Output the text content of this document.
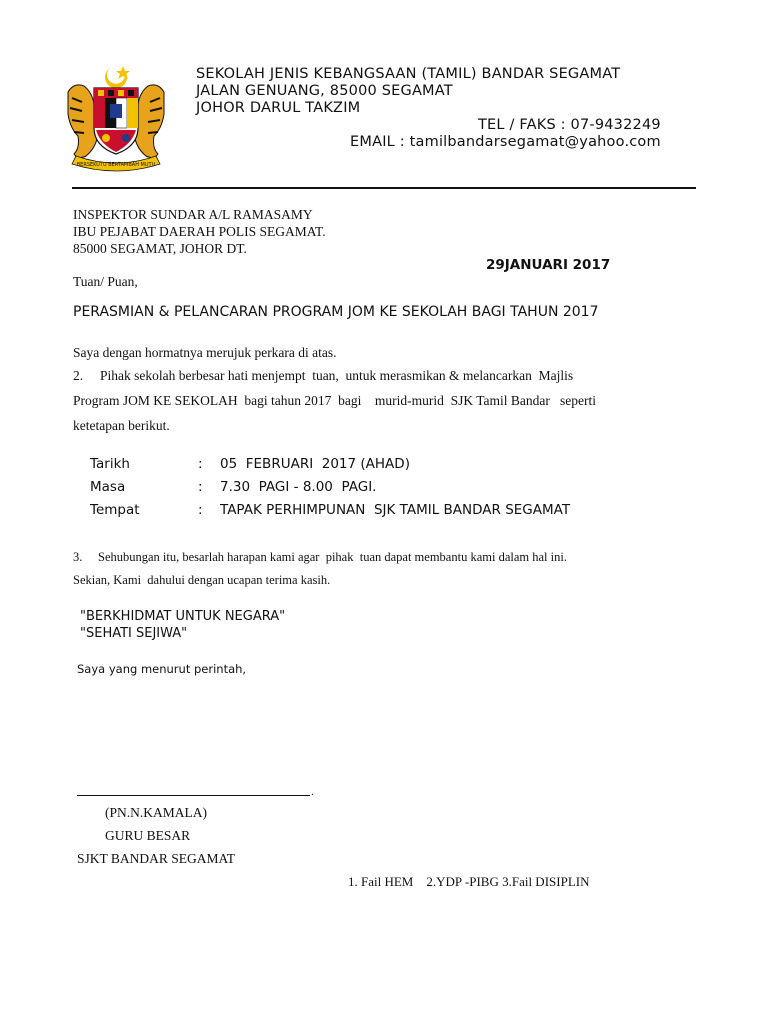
BERSEKUTU BERTAMBAH MUTU
SEKOLAH JENIS KEBANGSAAN (TAMIL) BANDAR SEGAMAT
JALAN GENUANG, 85000 SEGAMAT
JOHOR DARUL TAKZIM
TEL / FAKS : 07-9432249
EMAIL : tamilbandarsegamat@yahoo.com
INSPEKTOR SUNDAR A/L RAMASAMY
IBU PEJABAT DAERAH POLIS SEGAMAT.
85000 SEGAMAT, JOHOR DT.
29JANUARI 2017
Tuan/ Puan,
PERASMIAN & PELANCARAN PROGRAM JOM KE SEKOLAH BAGI TAHUN 2017
Saya dengan hormatnya merujuk perkara di atas.
2.     Pihak sekolah berbesar hati menjempt  tuan,  untuk merasmikan & melancarkan  Majlis
Program JOM KE SEKOLAH  bagi tahun 2017  bagi    murid-murid  SJK Tamil Bandar   seperti
ketetapan berikut.
Tarikh	: 05  FEBRUARI  2017 (AHAD)
Masa	: 7.30  PAGI - 8.00  PAGI.
Tempat	: TAPAK PERHIMPUNAN  SJK TAMIL BANDAR SEGAMAT
3.     Sehubungan itu, besarlah harapan kami agar  pihak  tuan dapat membantu kami dalam hal ini.
Sekian, Kami  dahului dengan ucapan terima kasih.
"BERKHIDMAT UNTUK NEGARA"
"SEHATI SEJIWA"
Saya yang menurut perintah,
.
(PN.N.KAMALA)
GURU BESAR
SJKT BANDAR SEGAMAT
1. Fail HEM    2.YDP -PIBG 3.Fail DISIPLIN
